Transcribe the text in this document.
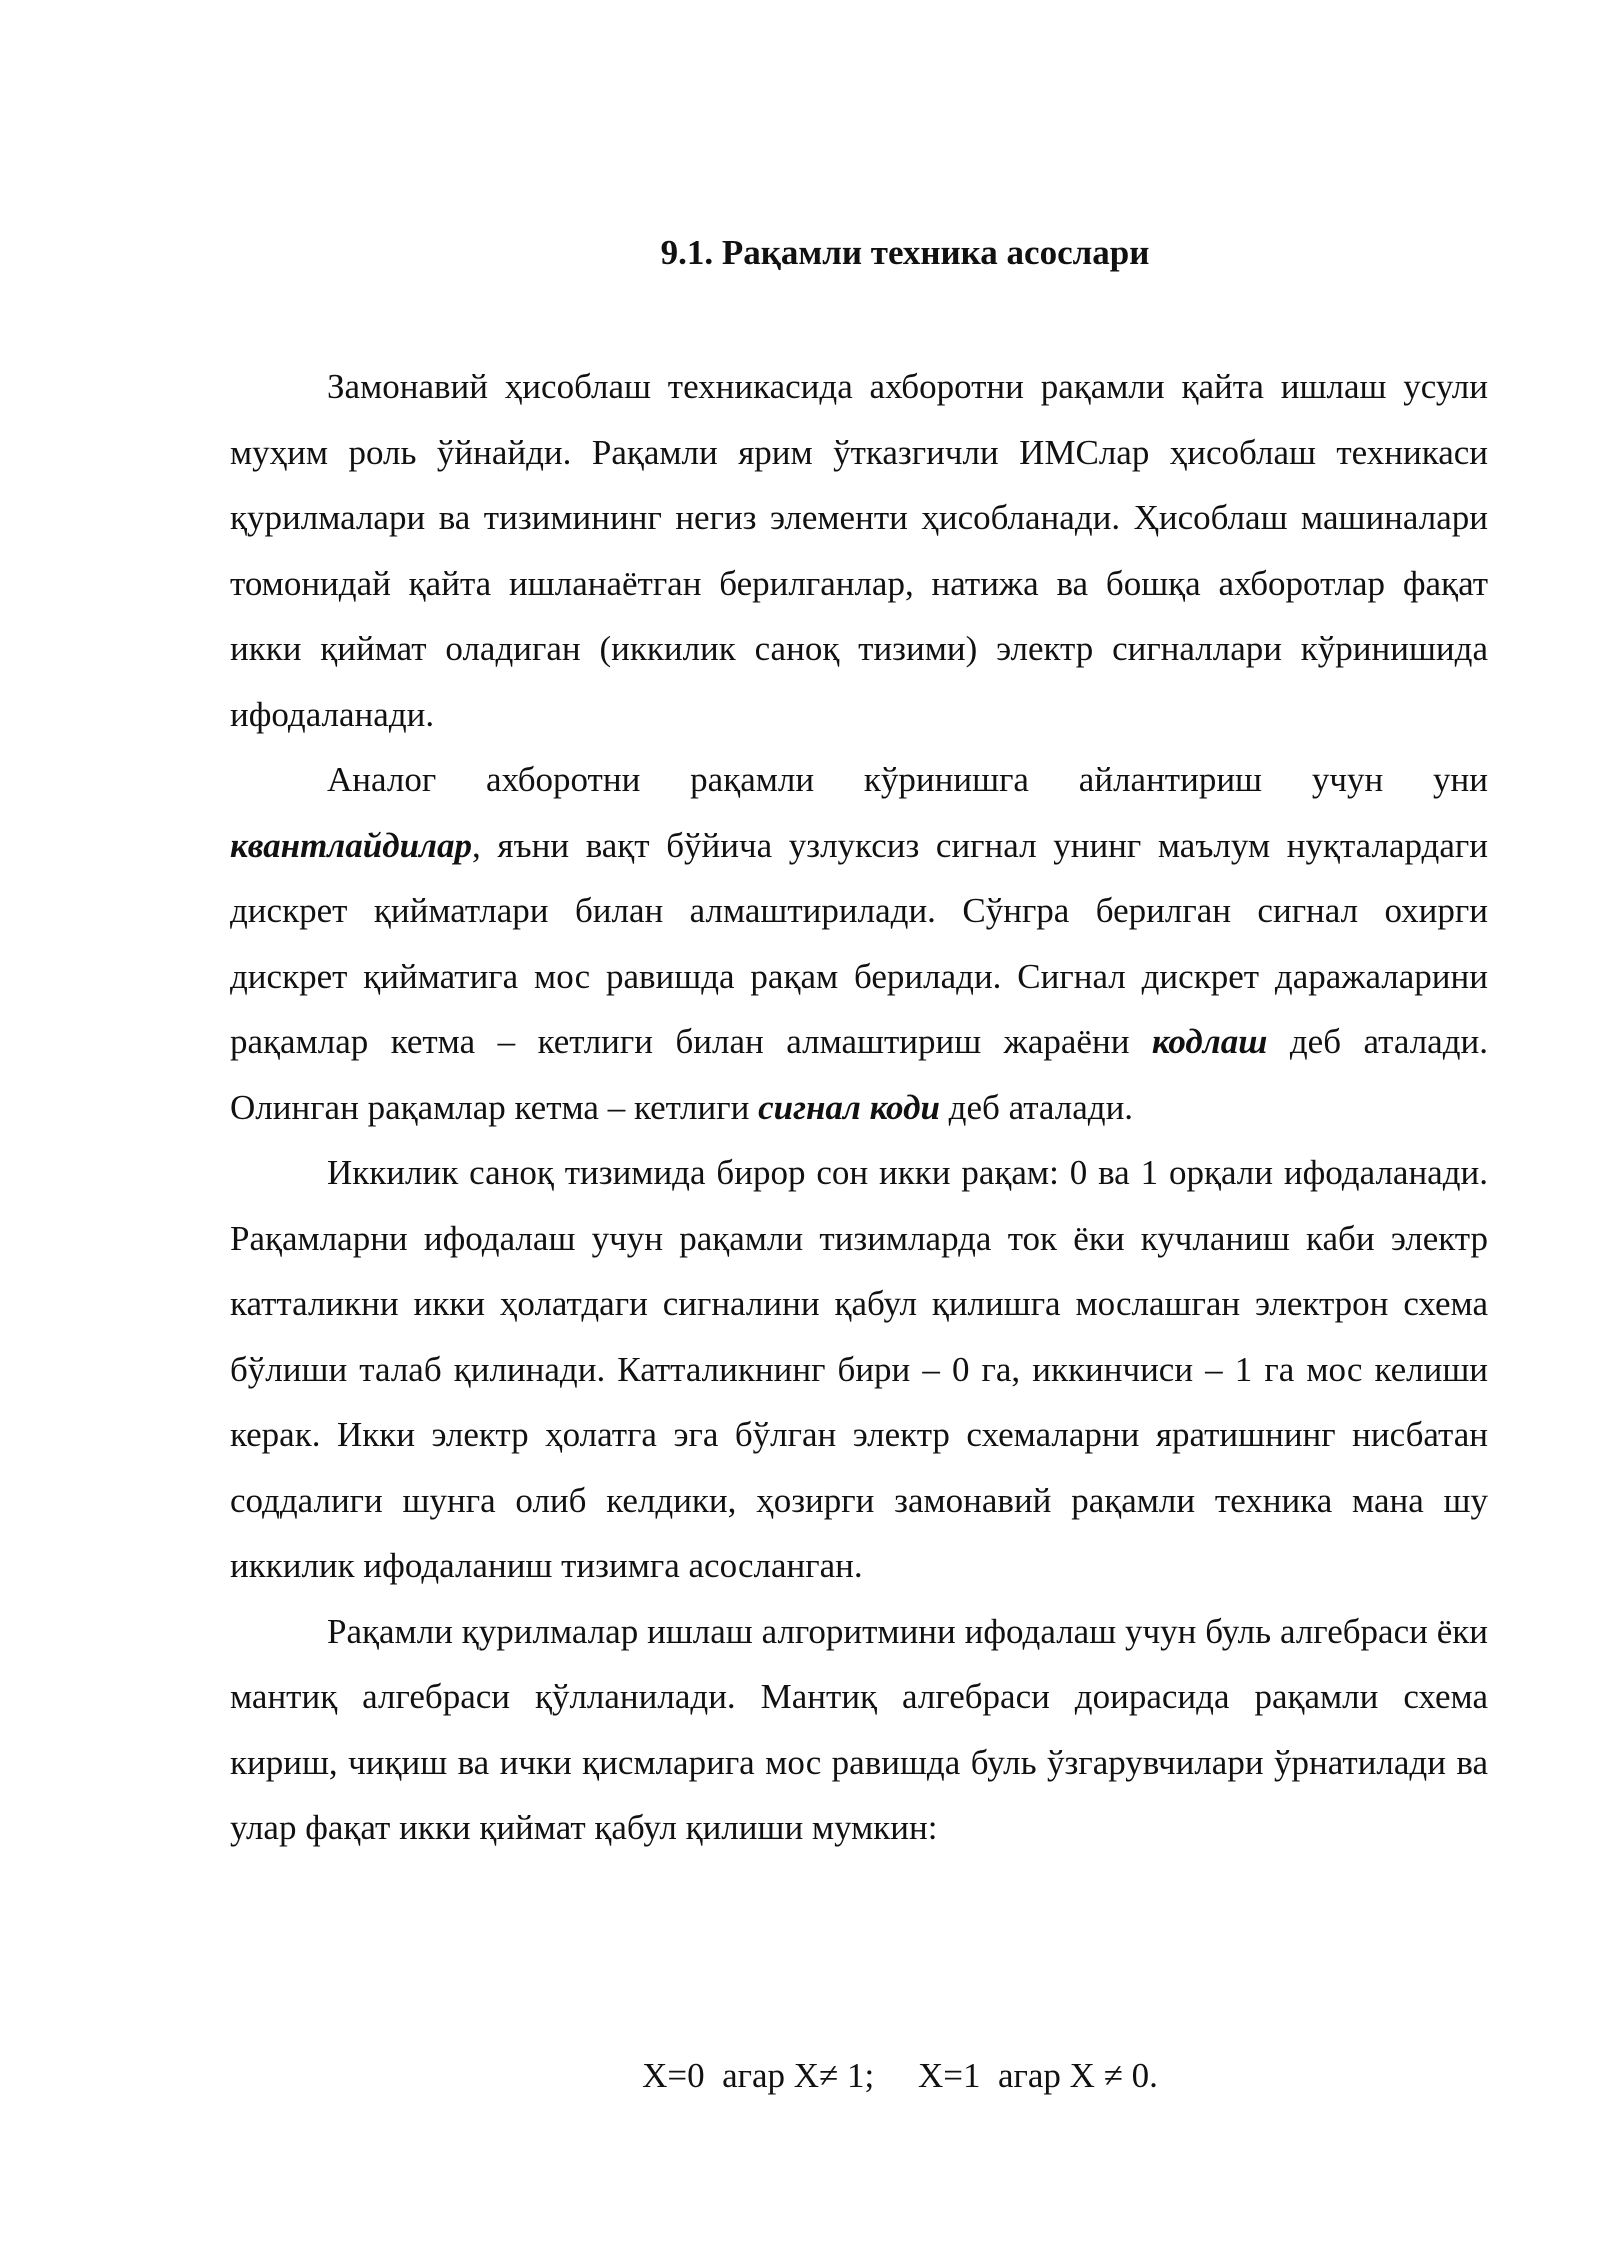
9.1. Рақамли техника асослари

Замонавий ҳисоблаш техникасида ахборотни рақамли қайта ишлаш усули муҳим роль ўйнайди. Рақамли ярим ўтказгичли ИМСлар ҳисоблаш техникаси қурилмалари ва тизимининг негиз элементи ҳисобланади. Ҳисоблаш машиналари томонидай қайта ишланаётган берилганлар, натижа ва бошқа ахборотлар фақат икки қиймат оладиган (иккилик саноқ тизими) электр сигналлари кўринишида ифодаланади.

Аналог ахборотни рақамли кўринишга айлантириш учун уни квантлайдилар, яъни вақт бўйича узлуксиз сигнал унинг маълум нуқталардаги дискрет қийматлари билан алмаштирилади. Сўнгра берилган сигнал охирги дискрет қийматига мос равишда рақам берилади. Сигнал дискрет даражаларини рақамлар кетма – кетлиги билан алмаштириш жараёни кодлаш деб аталади. Олинган рақамлар кетма – кетлиги сигнал коди деб аталади.

Иккилик саноқ тизимида бирор сон икки рақам: 0 ва 1 орқали ифодаланади. Рақамларни ифодалаш учун рақамли тизимларда ток ёки кучланиш каби электр катталикни икки ҳолатдаги сигналини қабул қилишга мослашган электрон схема бўлиши талаб қилинади. Катталикнинг бири – 0 га, иккинчиси – 1 га мос келиши керак. Икки электр ҳолатга эга бўлган электр схемаларни яратишнинг нисбатан соддалиги шунга олиб келдики, ҳозирги замонавий рақамли техника мана шу иккилик ифодаланиш тизимга асосланган.

Рақамли қурилмалар ишлаш алгоритмини ифодалаш учун буль алгебраси ёки мантиқ алгебраси қўлланилади. Мантиқ алгебраси доирасида рақамли схема кириш, чиқиш ва ички қисмларига мос равишда буль ўзгарувчилари ўрнатилади ва улар фақат икки қиймат қабул қилиши мумкин:

X=0  агар X≠ 1;     X=1  агар X ≠ 0.
